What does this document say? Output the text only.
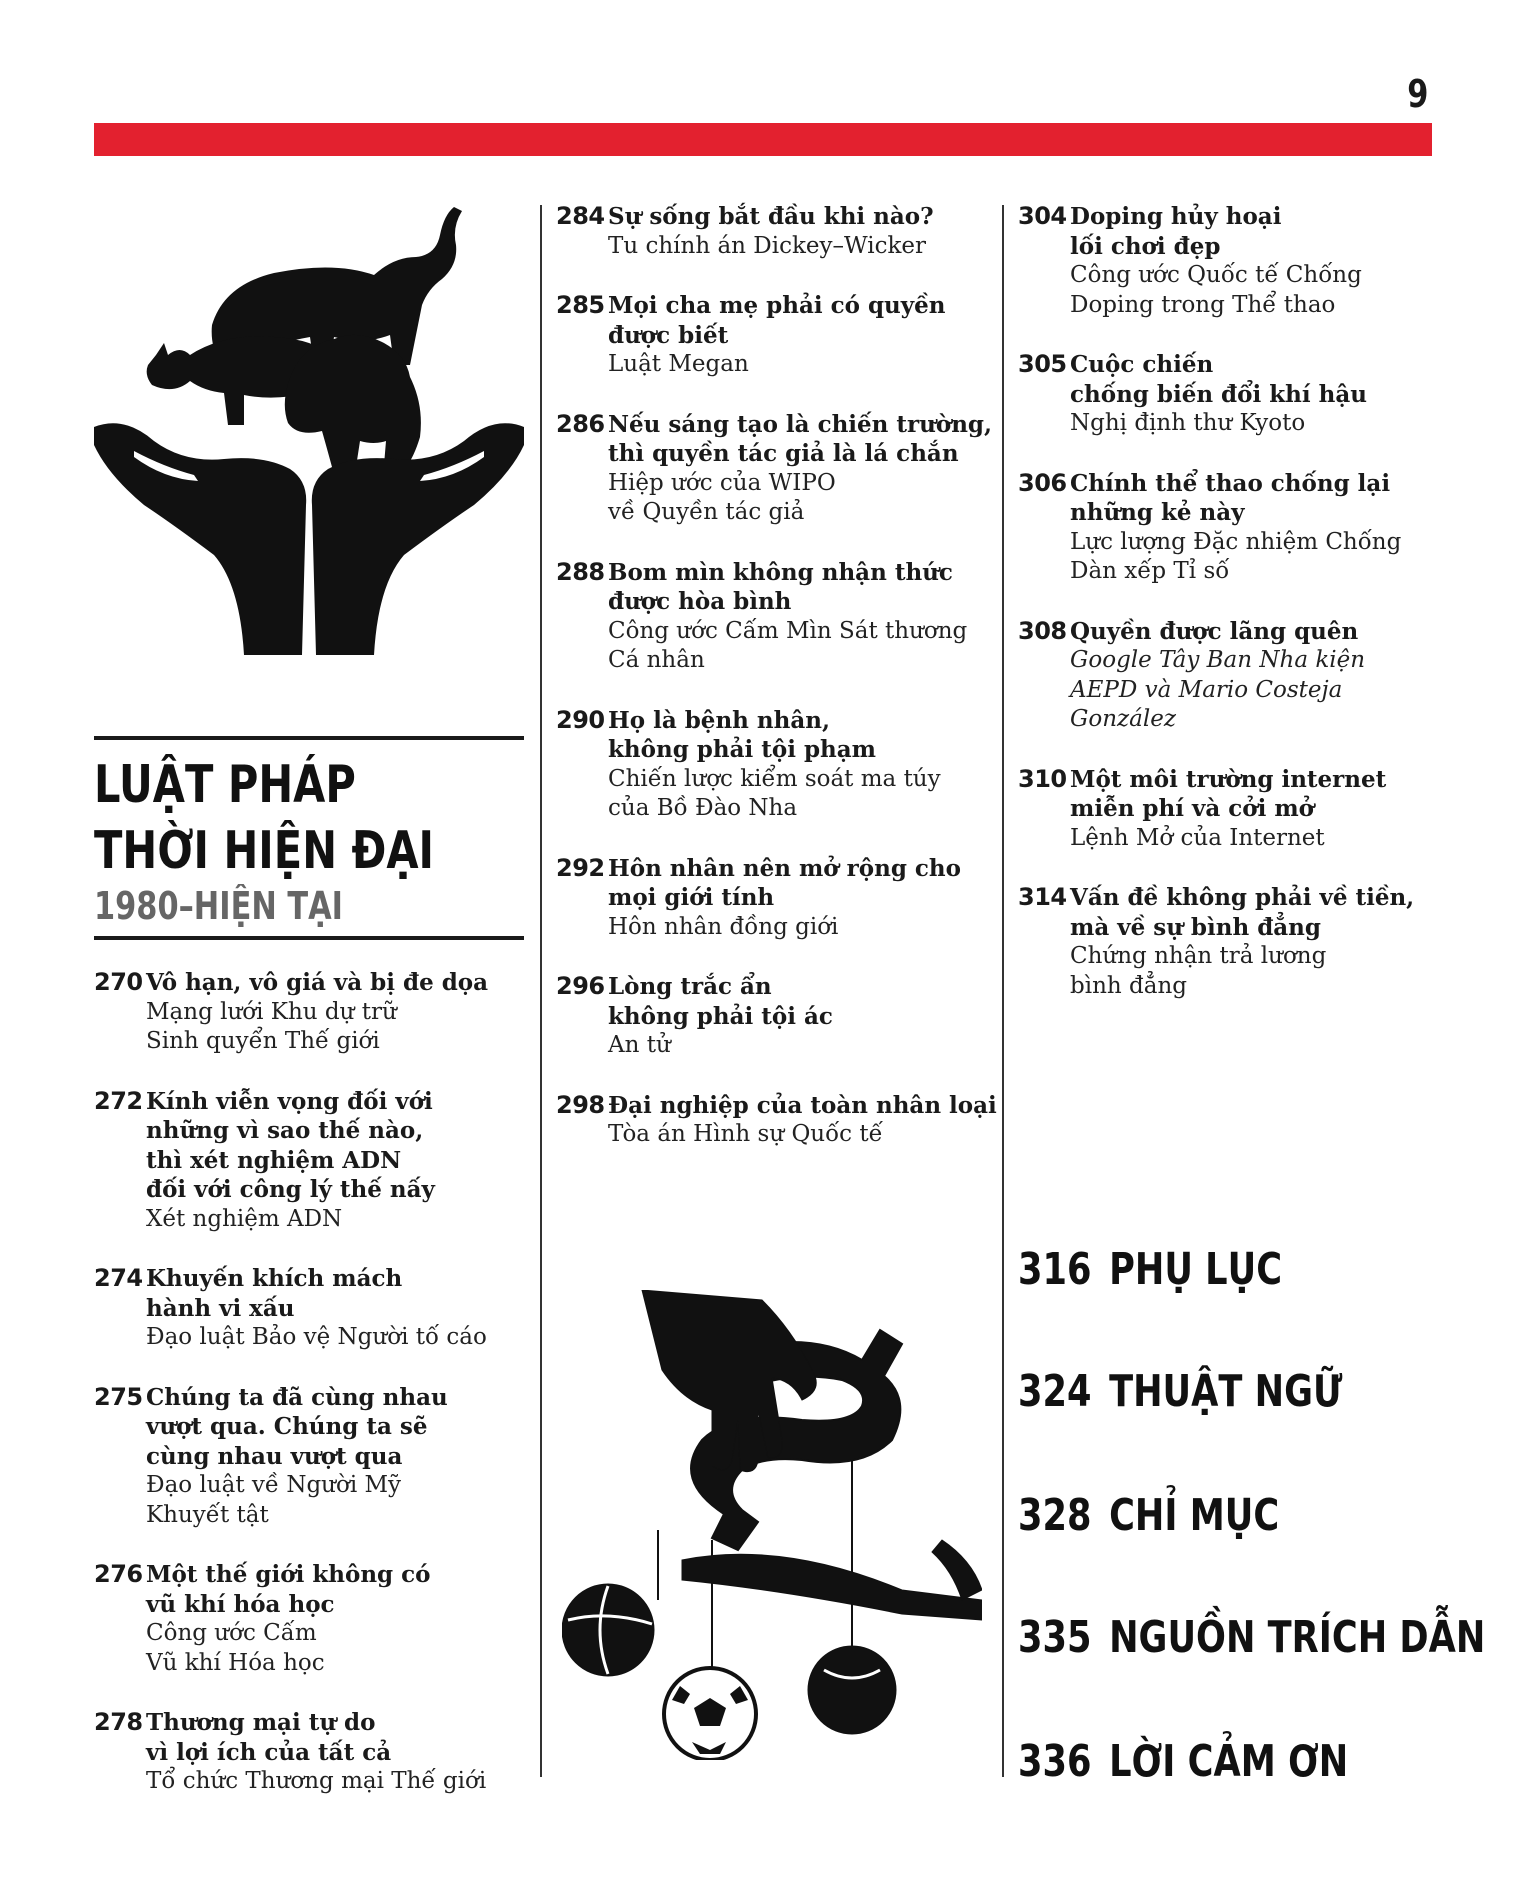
9
LUẬT PHÁP
THỜI HIỆN ĐẠI
1980–HIỆN TẠI
270 Vô hạn, vô giá và bị đe dọa
Mạng lưới Khu dự trữ
Sinh quyển Thế giới
272 Kính viễn vọng đối với
những vì sao thế nào,
thì xét nghiệm ADN
đối với công lý thế nấy
Xét nghiệm ADN
274 Khuyến khích mách
hành vi xấu
Đạo luật Bảo vệ Người tố cáo
275 Chúng ta đã cùng nhau
vượt qua. Chúng ta sẽ
cùng nhau vượt qua
Đạo luật về Người Mỹ
Khuyết tật
276 Một thế giới không có
vũ khí hóa học
Công ước Cấm
Vũ khí Hóa học
278 Thương mại tự do
vì lợi ích của tất cả
Tổ chức Thương mại Thế giới
284 Sự sống bắt đầu khi nào?
Tu chính án Dickey–Wicker
285 Mọi cha mẹ phải có quyền
được biết
Luật Megan
286 Nếu sáng tạo là chiến trường,
thì quyền tác giả là lá chắn
Hiệp ước của WIPO
về Quyền tác giả
288 Bom mìn không nhận thức
được hòa bình
Công ước Cấm Mìn Sát thương
Cá nhân
290 Họ là bệnh nhân,
không phải tội phạm
Chiến lược kiểm soát ma túy
của Bồ Đào Nha
292 Hôn nhân nên mở rộng cho
mọi giới tính
Hôn nhân đồng giới
296 Lòng trắc ẩn
không phải tội ác
An tử
298 Đại nghiệp của toàn nhân loại
Tòa án Hình sự Quốc tế
304 Doping hủy hoại
lối chơi đẹp
Công ước Quốc tế Chống
Doping trong Thể thao
305 Cuộc chiến
chống biến đổi khí hậu
Nghị định thư Kyoto
306 Chính thể thao chống lại
những kẻ này
Lực lượng Đặc nhiệm Chống
Dàn xếp Tỉ số
308 Quyền được lãng quên
Google Tây Ban Nha kiện
AEPD và Mario Costeja
González
310 Một môi trường internet
miễn phí và cởi mở
Lệnh Mở của Internet
314 Vấn đề không phải về tiền,
mà về sự bình đẳng
Chứng nhận trả lương
bình đẳng
316 PHỤ LỤC
324 THUẬT NGỮ
328 CHỈ MỤC
335 NGUỒN TRÍCH DẪN
336 LỜI CẢM ƠN
